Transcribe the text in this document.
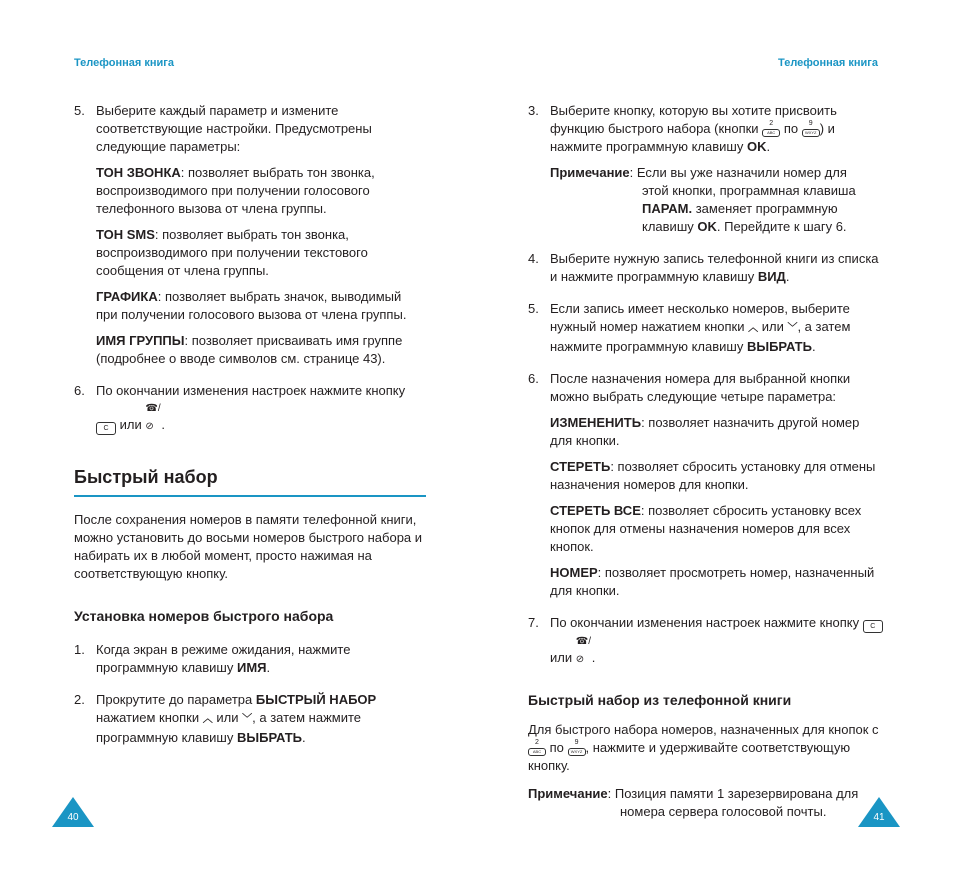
Телефонная книга
5. Выберите каждый параметр и измените соответствующие настройки. Предусмотрены следующие параметры:

ТОН ЗВОНКА: позволяет выбрать тон звонка, воспроизводимого при получении голосового телефонного вызова от члена группы.

ТОН SMS: позволяет выбрать тон звонка, воспроизводимого при получении текстового сообщения от члена группы.

ГРАФИКА: позволяет выбрать значок, выводимый при получении голосового вызова от члена группы.

ИМЯ ГРУППЫ: позволяет присваивать имя группе (подробнее о вводе символов см. странице 43).

6. По окончании изменения настроек нажмите кнопку C или ☎/⊘ .

Быстрый набор

После сохранения номеров в памяти телефонной книги, можно установить до восьми номеров быстрого набора и набирать их в любой момент, просто нажимая на соответствующую кнопку.

Установка номеров быстрого набора
1. Когда экран в режиме ожидания, нажмите программную клавишу ИМЯ.

2. Прокрутите до параметра БЫСТРЫЙ НАБОР нажатием кнопки ︿ или ﹀, а затем нажмите программную клавишу ВЫБРАТЬ.

40
Телефонная книга
3. Выберите кнопку, которую вы хотите присвоить функцию быстрого набора (кнопки	2
ABC по	9
WXYZ ) и нажмите программную клавишу OK.

Примечание: Если вы уже назначили номер для

этой кнопки, программная клавиша ПАРАМ. заменяет программную клавишу OK. Перейдите к шагу 6.

4. Выберите нужную запись телефонной книги из списка и нажмите программную клавишу ВИД.

5. Если запись имеет несколько номеров, выберите нужный номер нажатием кнопки ︿ или ﹀, а затем нажмите программную клавишу ВЫБРАТЬ.

6. После назначения номера для выбранной кнопки можно выбрать следующие четыре параметра:

ИЗМЕНЕНИТЬ: позволяет назначить другой номер для кнопки.

СТЕРЕТЬ: позволяет сбросить установку для отмены назначения номеров для кнопки.

СТЕРЕТЬ ВСЕ: позволяет сбросить установку всех кнопок для отмены назначения номеров для всех кнопок.

НОМЕР: позволяет просмотреть номер, назначенный для кнопки.

7. По окончании изменения настроек нажмите кнопку C или ☎/⊘ .

Быстрый набор из телефонной книги

Для быстрого набора номеров, назначенных для кнопок с
2
ABC по	9
WXYZ , нажмите и удерживайте соответствующую кнопку.

Примечание: Позиция памяти 1 зарезервирована для

номера сервера голосовой почты.	41
